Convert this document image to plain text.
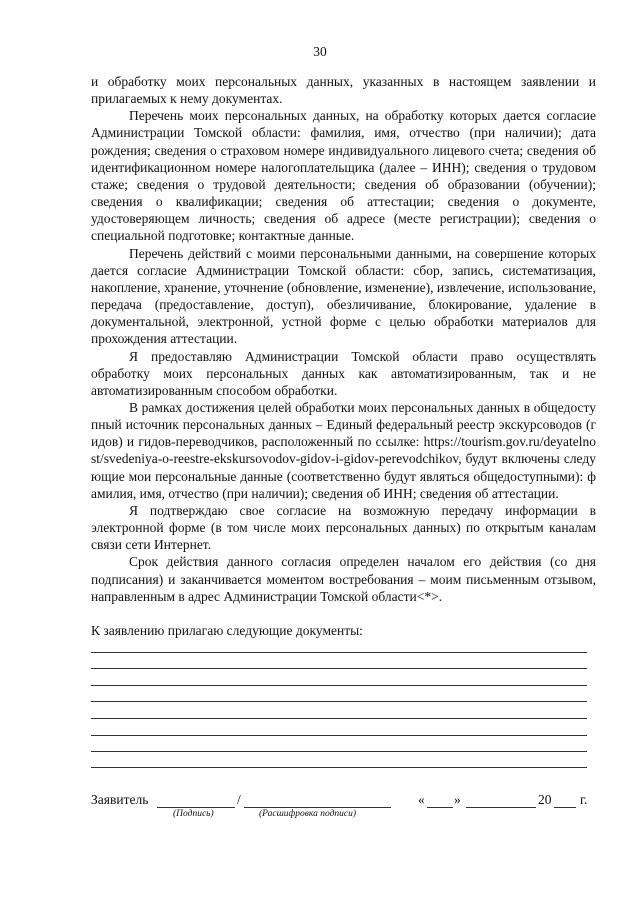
30

и обработку моих персональных данных, указанных в настоящем заявлении и прилагаемых к нему документах.

Перечень моих персональных данных, на обработку которых дается согласие Администрации Томской области: фамилия, имя, отчество (при наличии); дата рождения; сведения о страховом номере индивидуального лицевого счета; сведения об идентификационном номере налогоплательщика (далее – ИНН); сведения о трудовом стаже; сведения о трудовой деятельности; сведения об образовании (обучении); сведения о квалификации; сведения об аттестации; сведения о документе, удостоверяющем личность; сведения об адресе (месте регистрации); сведения о специальной подготовке; контактные данные.

Перечень действий с моими персональными данными, на совершение которых дается согласие Администрации Томской области: сбор, запись, систематизация, накопление, хранение, уточнение (обновление, изменение), извлечение, использование, передача (предоставление, доступ), обезличивание, блокирование, удаление в документальной, электронной, устной форме с целью обработки материалов для прохождения аттестации.

Я предоставляю Администрации Томской области право осуществлять обработку моих персональных данных как автоматизированным, так и не автоматизированным способом обработки.

В рамках достижения целей обработки моих персональных данных в общедоступный источник персональных данных – Единый федеральный реестр экскурсоводов (гидов) и гидов-переводчиков, расположенный по ссылке: https://tourism.gov.ru/deyatelnost/svedeniya-o-reestre-ekskursovodov-gidov-i-gidov-perevodchikov, будут включены следующие мои персональные данные (соответственно будут являться общедоступными): фамилия, имя, отчество (при наличии); сведения об ИНН; сведения об аттестации.

Я подтверждаю свое согласие на возможную передачу информации в электронной форме (в том числе моих персональных данных) по открытым каналам связи сети Интернет.

Срок действия данного согласия определен началом его действия (со дня подписания) и заканчивается моментом востребования – моим письменным отзывом, направленным в адрес Администрации Томской области<*>.

К заявлению прилагаю следующие документы:
Заявитель	/	« »	20 г.
(Подпись)	(Расшифровка подписи)
